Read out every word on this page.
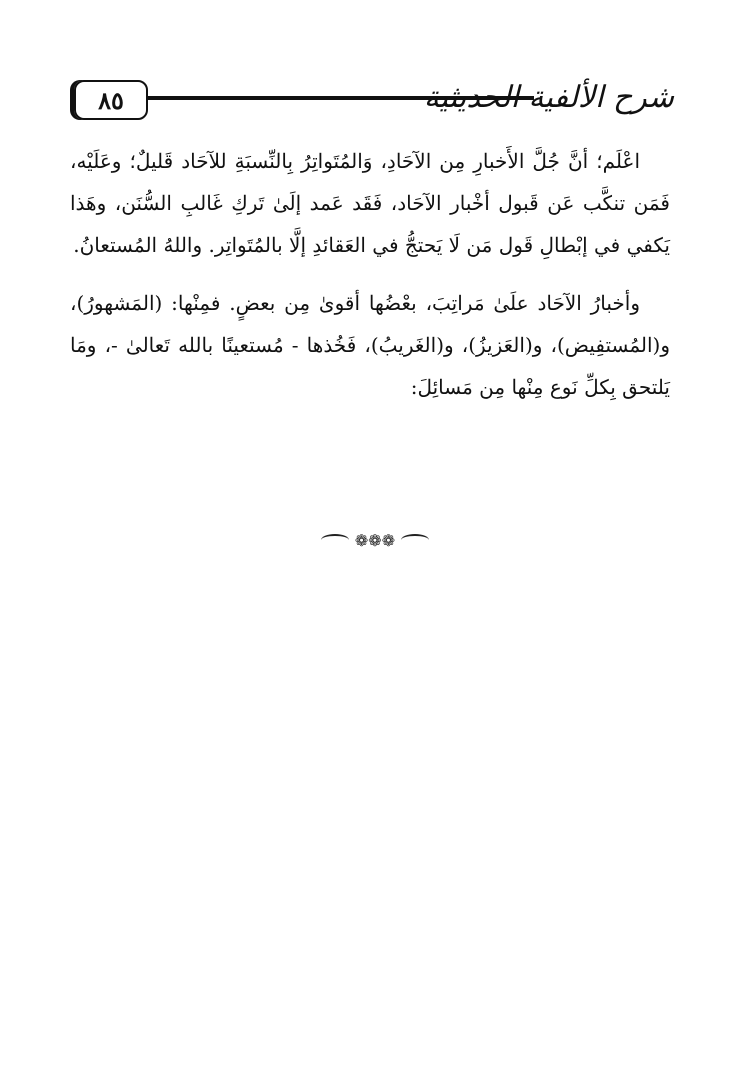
٨٥	شرح الألفية الحديثية

اعْلَم؛ أنَّ جُلَّ الأَخبارِ مِن الآحَادِ، وَالمُتَواتِرُ بِالنِّسبَةِ للآحَاد قَليلٌ؛ وعَلَيْه، فَمَن تنكَّب عَن قَبول أخْبار الآحَاد، فَقَد عَمد إلَىٰ تَركِ غَالبِ السُّنَن، وهَذا يَكفي في إبْطالِ قَول مَن لَا يَحتجُّ في العَقائدِ إلَّا بالمُتَواتِر. واللهُ المُستعانُ.

وأخبارُ الآحَاد علَىٰ مَراتِبَ، بعْضُها أقوىٰ مِن بعضٍ. فمِنْها: (المَشهورُ)، و(المُستفِيض)، و(العَزيزُ)، و(الغَريبُ)، فَخُذها - مُستعينًا بالله تَعالىٰ -، ومَا يَلتحق بِكلِّ نَوع مِنْها مِن مَسائِلَ:

❁❁❁
